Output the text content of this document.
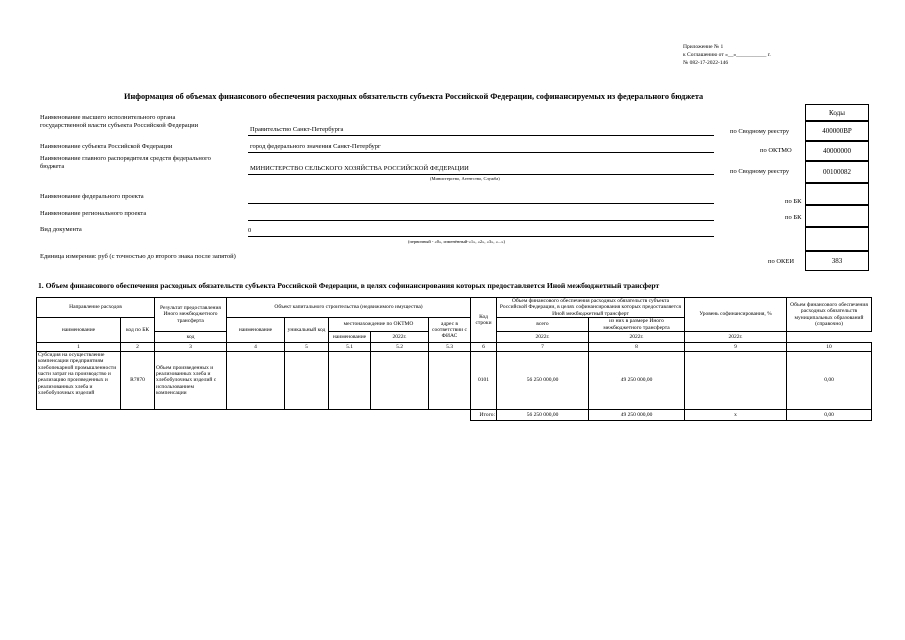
Приложение № 1
к Соглашению от «__»___________ г.
№ 082-17-2022-146
Информация об объемах финансового обеспечения расходных обязательств субъекта Российской Федерации, софинансируемых из федерального бюджета
Коды
Наименование высшего исполнительного органа государственной власти субъекта Российской Федерации
Правительство Санкт-Петербурга	по Сводному реестру	400000ВР
Наименование субъекта Российской Федерации	город федерального значения Санкт-Петербург
по ОКТМО	40000000
Наименование главного распорядителя средств федерального бюджета	МИНИСТЕРСТВО СЕЛЬСКОГО ХОЗЯЙСТВА РОССИЙСКОЙ ФЕДЕРАЦИИ
(Министерство, Агентство, Служба)
по Сводному реестру	00100082
Наименование федерального проекта
по БК
Наименование регионального проекта
по БК
Вид документа	0
(первичный - «0», изменённый-«1», «2», «3», «...»)
Единица измерения: руб (с точностью до второго знака после запятой)
по ОКЕИ	383
1. Объем финансового обеспечения расходных обязательств субъекта Российской Федерации, в целях софинансирования которых предоставляется Иной межбюджетный трансферт
Направление расходов		Результат предоставления Иного межбюджетного трансферта	Объект капитального строительства (недвижимого имущества)					Код строки	Объем финансового обеспечения расходных обязательств субъекта Российской Федерации, в целях софинансирования которых предоставляется Иной межбюджетный трансферт		Уровень софинансирования, %	Объем финансового обеспечения расходных обязательств муниципальных образований (справочно)
наименование	код по БК		наименование	уникальный код	местонахождение по ОКТМО		адрес в соответствии с ФИАС		всего	из них в размере Иного межбюджетного трансферта		
		код			наименование	2022г.			2022г.	2022г.	2022г.	
1	2	3	4	5	5.1	5.2	5.3	6	7	8	9	10
Субсидия на осуществление компенсации предприятиям хлебопекарной промышленности части затрат на производство и реализацию произведенных и реализованных хлеба и хлебобулочных изделий	R7870	Объем произведенных и реализованных хлеба и хлебобулочных изделий с использованием компенсации						0101	56 250 000,00	49 250 000,00		0,00
								Итого:	56 250 000,00	49 250 000,00	x	0,00
